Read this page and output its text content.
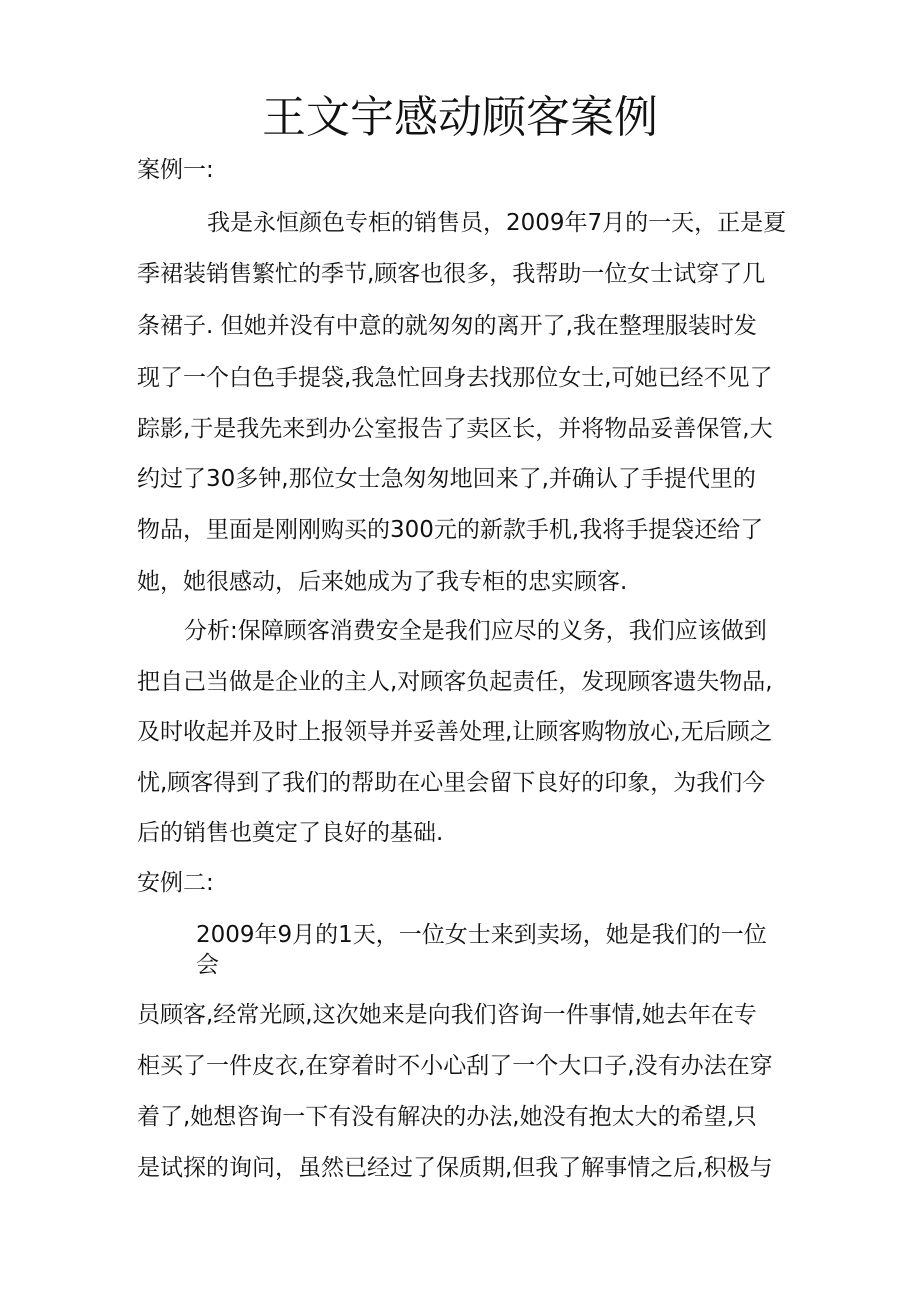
王文宇感动顾客案例
案例一:
我是永恒颜色专柜的销售员，2009年7月的一天，正是夏
季裙装销售繁忙的季节,顾客也很多，我帮助一位女士试穿了几
条裙子. 但她并没有中意的就匆匆的离开了,我在整理服装时发
现了一个白色手提袋,我急忙回身去找那位女士,可她已经不见了
踪影,于是我先来到办公室报告了卖区长，并将物品妥善保管,大
约过了30多钟,那位女士急匆匆地回来了,并确认了手提代里的
物品，里面是刚刚购买的300元的新款手机,我将手提袋还给了
她，她很感动，后来她成为了我专柜的忠实顾客.
分析:保障顾客消费安全是我们应尽的义务，我们应该做到
把自己当做是企业的主人,对顾客负起责任，发现顾客遗失物品,
及时收起并及时上报领导并妥善处理,让顾客购物放心,无后顾之
忧,顾客得到了我们的帮助在心里会留下良好的印象，为我们今
后的销售也奠定了良好的基础.
安例二:
2009年9月的1天，一位女士来到卖场，她是我们的一位
会
员顾客,经常光顾,这次她来是向我们咨询一件事情,她去年在专
柜买了一件皮衣,在穿着时不小心刮了一个大口子,没有办法在穿
着了,她想咨询一下有没有解决的办法,她没有抱太大的希望,只
是试探的询问，虽然已经过了保质期,但我了解事情之后,积极与
